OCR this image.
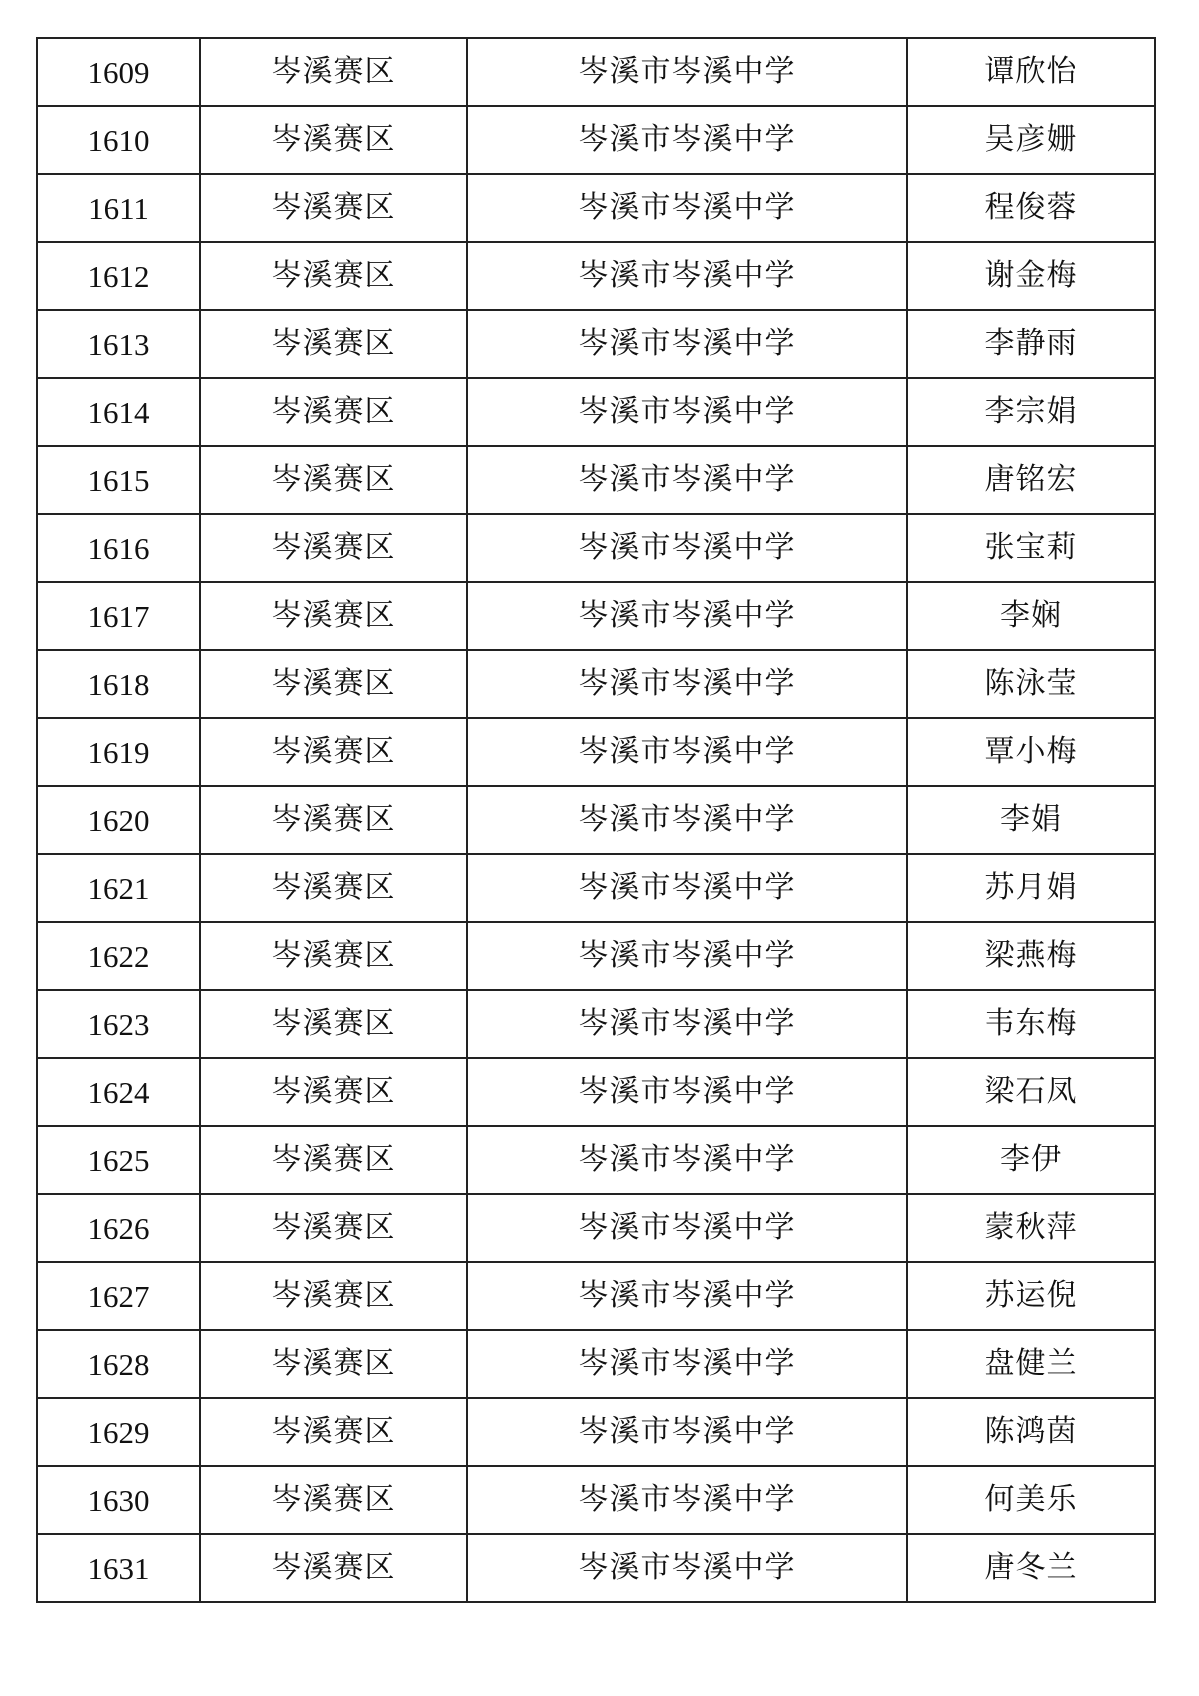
1609	岑溪赛区	岑溪市岑溪中学	谭欣怡
1610	岑溪赛区	岑溪市岑溪中学	吴彦姗
1611	岑溪赛区	岑溪市岑溪中学	程俊蓉
1612	岑溪赛区	岑溪市岑溪中学	谢金梅
1613	岑溪赛区	岑溪市岑溪中学	李静雨
1614	岑溪赛区	岑溪市岑溪中学	李宗娟
1615	岑溪赛区	岑溪市岑溪中学	唐铭宏
1616	岑溪赛区	岑溪市岑溪中学	张宝莉
1617	岑溪赛区	岑溪市岑溪中学	李娴
1618	岑溪赛区	岑溪市岑溪中学	陈泳莹
1619	岑溪赛区	岑溪市岑溪中学	覃小梅
1620	岑溪赛区	岑溪市岑溪中学	李娟
1621	岑溪赛区	岑溪市岑溪中学	苏月娟
1622	岑溪赛区	岑溪市岑溪中学	梁燕梅
1623	岑溪赛区	岑溪市岑溪中学	韦东梅
1624	岑溪赛区	岑溪市岑溪中学	梁石凤
1625	岑溪赛区	岑溪市岑溪中学	李伊
1626	岑溪赛区	岑溪市岑溪中学	蒙秋萍
1627	岑溪赛区	岑溪市岑溪中学	苏运倪
1628	岑溪赛区	岑溪市岑溪中学	盘健兰
1629	岑溪赛区	岑溪市岑溪中学	陈鸿茵
1630	岑溪赛区	岑溪市岑溪中学	何美乐
1631	岑溪赛区	岑溪市岑溪中学	唐冬兰
